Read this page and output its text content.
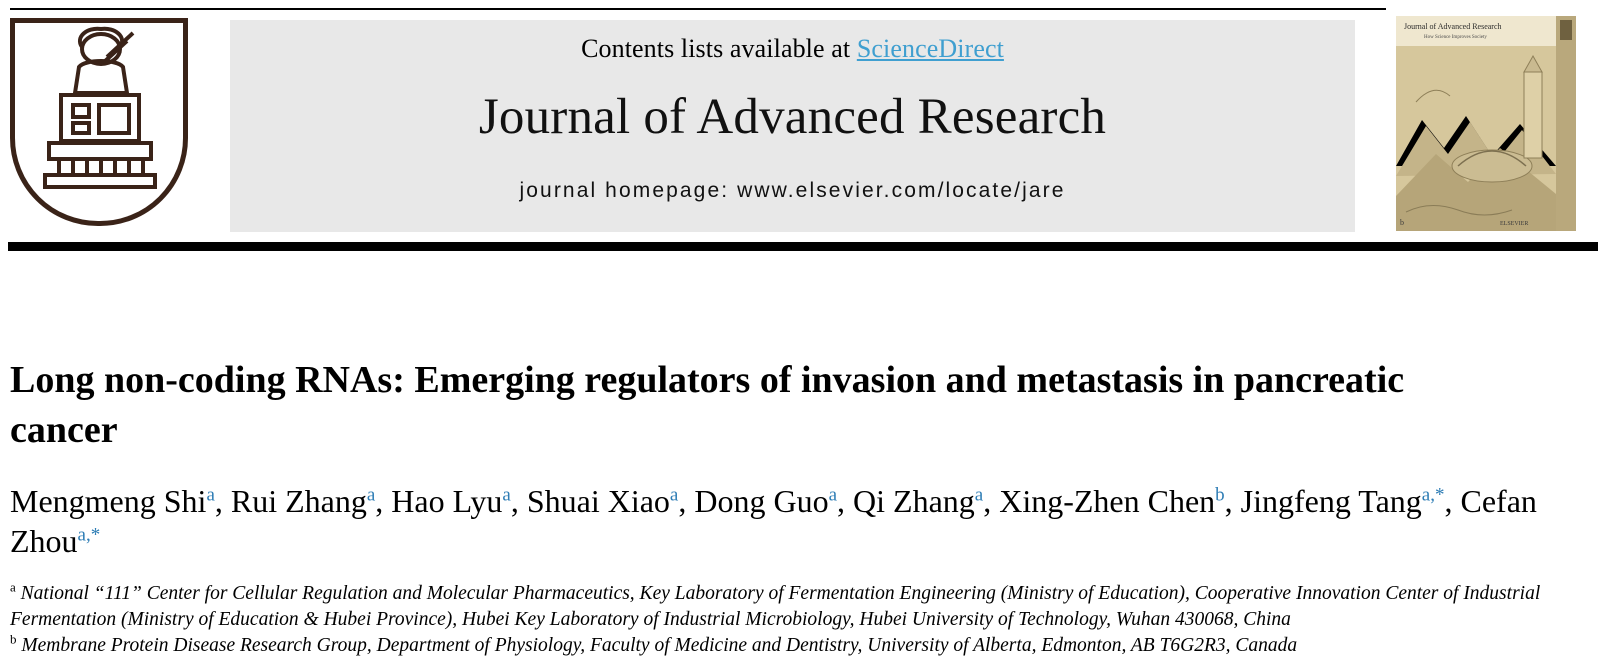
Contents lists available at ScienceDirect
Journal of Advanced Research
journal homepage: www.elsevier.com/locate/jare
Journal of Advanced Research
How Science Improves Society
b	ELSEVIER
Long non-coding RNAs: Emerging regulators of invasion and metastasis in pancreatic cancer
Mengmeng Shi$^a$, Rui Zhang$^a$, Hao Lyu$^a$, Shuai Xiao$^a$, Dong Guo$^a$, Qi Zhang$^a$, Xing-Zhen Chen$^b$, Jingfeng Tang$^{a,*}$, Cefan Zhou$^{a,*}$
$^a$ National “111” Center for Cellular Regulation and Molecular Pharmaceutics, Key Laboratory of Fermentation Engineering (Ministry of Education), Cooperative Innovation Center of Industrial Fermentation (Ministry of Education & Hubei Province), Hubei Key Laboratory of Industrial Microbiology, Hubei University of Technology, Wuhan 430068, China
$^b$ Membrane Protein Disease Research Group, Department of Physiology, Faculty of Medicine and Dentistry, University of Alberta, Edmonton, AB T6G2R3, Canada
